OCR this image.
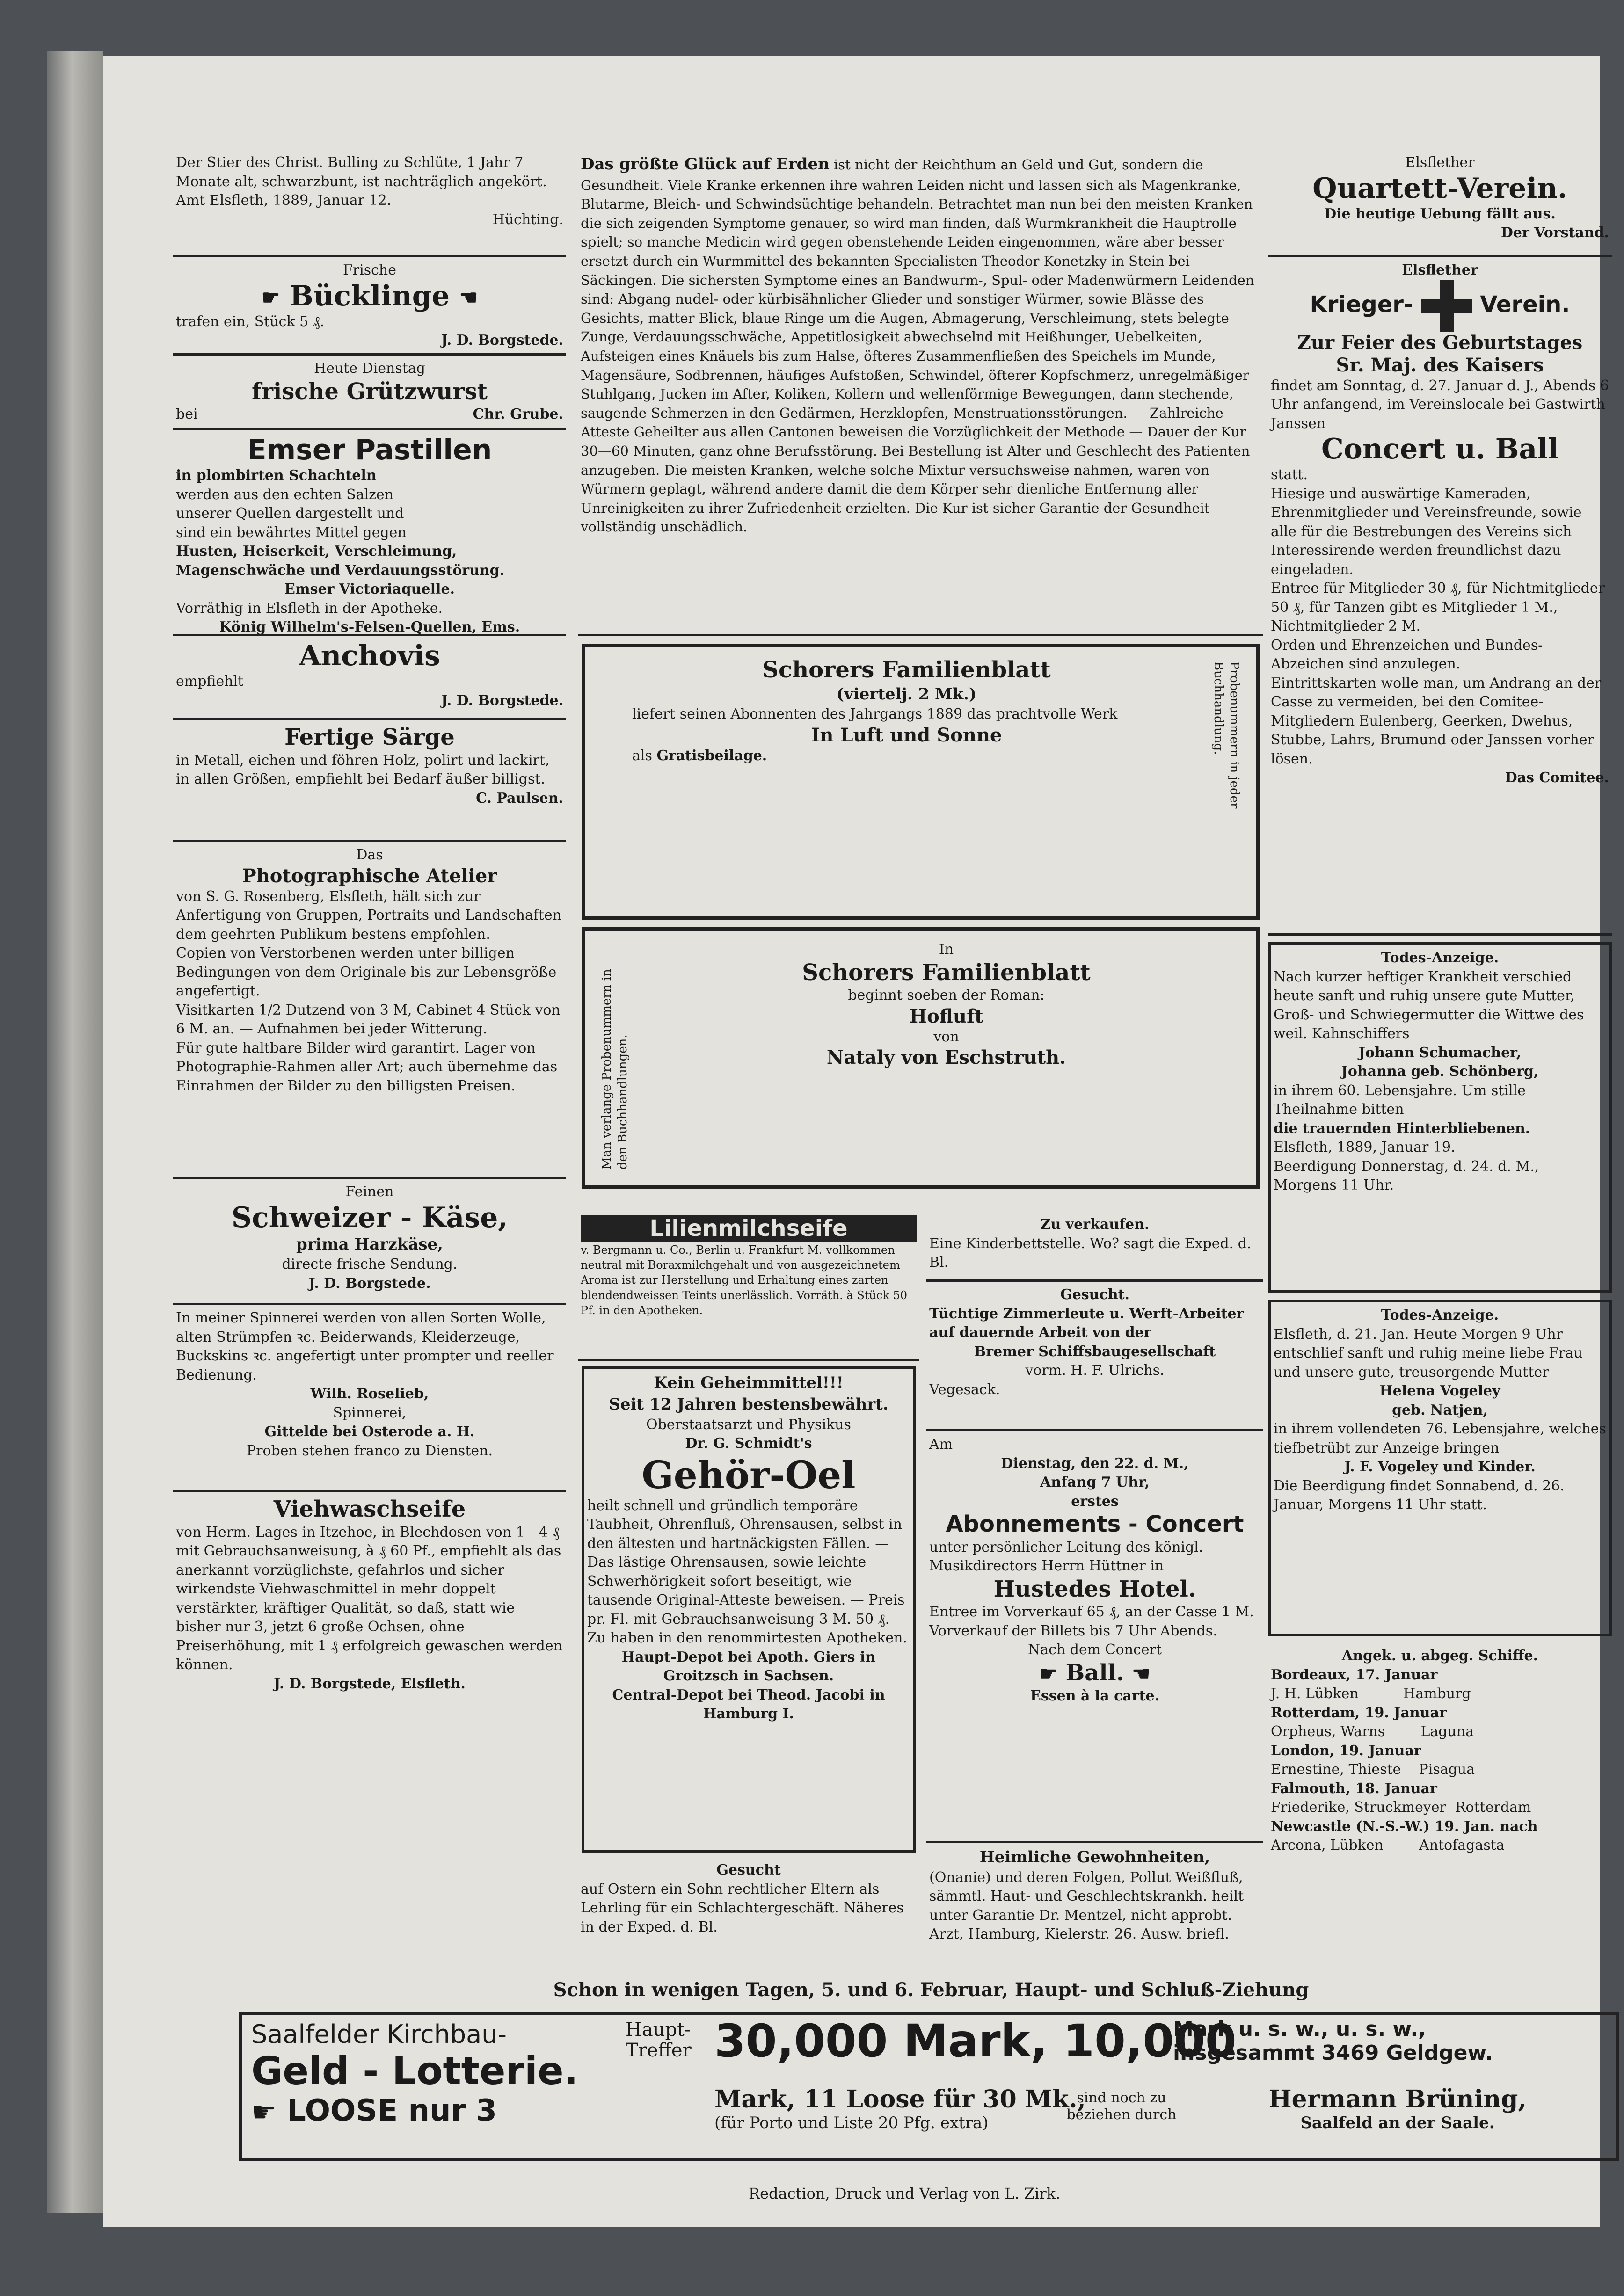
Der Stier des Christ. Bulling zu Schlüte, 1 Jahr 7 Monate alt, schwarzbunt, ist nachträglich angekört.

Amt Elsfleth, 1889, Januar 12.

Hüchting.

Frische

☛ Bücklinge ☚

trafen ein, Stück 5 ₰.

J. D. Borgstede.

Heute Dienstag

frische Grützwurst

bei	Chr. Grube.

Emser Pastillen

in plombirten Schachteln

werden aus den echten Salzen

unserer Quellen dargestellt und

sind ein bewährtes Mittel gegen

Husten, Heiserkeit, Verschleimung,

Magenschwäche und Verdauungsstörung.

Emser Victoriaquelle.

Vorräthig in Elsfleth in der Apotheke.

König Wilhelm's-Felsen-Quellen, Ems.

Anchovis

empfiehlt

J. D. Borgstede.

Fertige Särge

in Metall, eichen und föhren Holz, polirt und lackirt, in allen Größen, empfiehlt bei Bedarf äußer billigst.

C. Paulsen.

Das

Photographische Atelier

von S. G. Rosenberg, Elsfleth, hält sich zur Anfertigung von Gruppen, Portraits und Landschaften dem geehrten Publikum bestens empfohlen.

Copien von Verstorbenen werden unter billigen Bedingungen von dem Originale bis zur Lebensgröße angefertigt.

Visitkarten 1/2 Dutzend von 3 M, Cabinet 4 Stück von 6 M. an. — Aufnahmen bei jeder Witterung.

Für gute haltbare Bilder wird garantirt. Lager von Photographie-Rahmen aller Art; auch übernehme das Einrahmen der Bilder zu den billigsten Preisen.

Feinen

Schweizer - Käse,

prima Harzkäse,

directe frische Sendung.

J. D. Borgstede.

In meiner Spinnerei werden von allen Sorten Wolle, alten Strümpfen ꝛc. Beiderwands, Kleiderzeuge, Buckskins ꝛc. angefertigt unter prompter und reeller Bedienung.

Wilh. Roselieb,

Spinnerei,

Gittelde bei Osterode a. H.

Proben stehen franco zu Diensten.

Viehwaschseife

von Herm. Lages in Itzehoe, in Blechdosen von 1—4 ₰ mit Gebrauchsanweisung, à ₰ 60 Pf., empfiehlt als das anerkannt vorzüglichste, gefahrlos und sicher wirkendste Viehwaschmittel in mehr doppelt verstärkter, kräftiger Qualität, so daß, statt wie bisher nur 3, jetzt 6 große Ochsen, ohne Preiserhöhung, mit 1 ₰ erfolgreich gewaschen werden können.

J. D. Borgstede, Elsfleth.

Das größte Glück auf Erden ist nicht der Reichthum an Geld und Gut, sondern die Gesundheit. Viele Kranke erkennen ihre wahren Leiden nicht und lassen sich als Magenkranke, Blutarme, Bleich- und Schwindsüchtige behandeln. Betrachtet man nun bei den meisten Kranken die sich zeigenden Symptome genauer, so wird man finden, daß Wurmkrankheit die Hauptrolle spielt; so manche Medicin wird gegen obenstehende Leiden eingenommen, wäre aber besser ersetzt durch ein Wurmmittel des bekannten Specialisten Theodor Konetzky in Stein bei Säckingen. Die sichersten Symptome eines an Bandwurm-, Spul- oder Madenwürmern Leidenden sind: Abgang nudel- oder kürbisähnlicher Glieder und sonstiger Würmer, sowie Blässe des Gesichts, matter Blick, blaue Ringe um die Augen, Abmagerung, Verschleimung, stets belegte Zunge, Verdauungsschwäche, Appetitlosigkeit abwechselnd mit Heißhunger, Uebelkeiten, Aufsteigen eines Knäuels bis zum Halse, öfteres Zusammenfließen des Speichels im Munde, Magensäure, Sodbrennen, häufiges Aufstoßen, Schwindel, öfterer Kopfschmerz, unregelmäßiger Stuhlgang, Jucken im After, Koliken, Kollern und wellenförmige Bewegungen, dann stechende, saugende Schmerzen in den Gedärmen, Herzklopfen, Menstruationsstörungen. — Zahlreiche Atteste Geheilter aus allen Cantonen beweisen die Vorzüglichkeit der Methode — Dauer der Kur 30—60 Minuten, ganz ohne Berufsstörung. Bei Bestellung ist Alter und Geschlecht des Patienten anzugeben. Die meisten Kranken, welche solche Mixtur versuchsweise nahmen, waren von Würmern geplagt, während andere damit die dem Körper sehr dienliche Entfernung aller Unreinigkeiten zu ihrer Zufriedenheit erzielten. Die Kur ist sicher Garantie der Gesundheit vollständig unschädlich.

Schorers Familienblatt

(viertelj. 2 Mk.)

liefert seinen Abonnenten des Jahrgangs 1889 das prachtvolle Werk

In Luft und Sonne

als Gratisbeilage.	Probenummern in jeder Buchhandlung.

In

Schorers Familienblatt

beginnt soeben der Roman:

Hofluft

von

Nataly von Eschstruth.

Man verlange Probenummern in den Buchhandlungen.

Lilienmilchseife

v. Bergmann u. Co., Berlin u. Frankfurt M. vollkommen neutral mit Boraxmilchgehalt und von ausgezeichnetem Aroma ist zur Herstellung und Erhaltung eines zarten blendendweissen Teints unerlässlich. Vorräth. à Stück 50 Pf. in den Apotheken.

Kein Geheimmittel!!!

Seit 12 Jahren bestensbewährt.

Oberstaatsarzt und Physikus

Dr. G. Schmidt's

Gehör-Oel

heilt schnell und gründlich temporäre Taubheit, Ohrenfluß, Ohrensausen, selbst in den ältesten und hartnäckigsten Fällen. — Das lästige Ohrensausen, sowie leichte Schwerhörigkeit sofort beseitigt, wie tausende Original-Atteste beweisen. — Preis pr. Fl. mit Gebrauchsanweisung 3 M. 50 ₰. Zu haben in den renommirtesten Apotheken.

Haupt-Depot bei Apoth. Giers in Groitzsch in Sachsen.

Central-Depot bei Theod. Jacobi in Hamburg I.

Gesucht

auf Ostern ein Sohn rechtlicher Eltern als Lehrling für ein Schlachtergeschäft. Näheres in der Exped. d. Bl.

Zu verkaufen.

Eine Kinderbettstelle. Wo? sagt die Exped. d. Bl.

Gesucht.

Tüchtige Zimmerleute u. Werft-Arbeiter auf dauernde Arbeit von der

Bremer Schiffsbaugesellschaft

vorm. H. F. Ulrichs.

Vegesack.

Am

Dienstag, den 22. d. M.,

Anfang 7 Uhr,

erstes

Abonnements - Concert

unter persönlicher Leitung des königl. Musikdirectors Herrn Hüttner in

Hustedes Hotel.

Entree im Vorverkauf 65 ₰, an der Casse 1 M.

Vorverkauf der Billets bis 7 Uhr Abends.

Nach dem Concert

☛ Ball. ☚

Essen à la carte.

Heimliche Gewohnheiten,

(Onanie) und deren Folgen, Pollut Weißfluß, sämmtl. Haut- und Geschlechtskrankh. heilt unter Garantie Dr. Mentzel, nicht approbt. Arzt, Hamburg, Kielerstr. 26. Ausw. briefl.

Elsflether

Quartett-Verein.

Die heutige Uebung fällt aus.

Der Vorstand.

Elsflether

Krieger-	Verein.

Zur Feier des Geburtstages

Sr. Maj. des Kaisers

findet am Sonntag, d. 27. Januar d. J., Abends 6 Uhr anfangend, im Vereinslocale bei Gastwirth Janssen

Concert u. Ball

statt.

Hiesige und auswärtige Kameraden, Ehrenmitglieder und Vereinsfreunde, sowie alle für die Bestrebungen des Vereins sich Interessirende werden freundlichst dazu eingeladen.

Entree für Mitglieder 30 ₰, für Nichtmitglieder 50 ₰, für Tanzen gibt es Mitglieder 1 M., Nichtmitglieder 2 M.

Orden und Ehrenzeichen und Bundes-Abzeichen sind anzulegen.

Eintrittskarten wolle man, um Andrang an der Casse zu vermeiden, bei den Comitee-Mitgliedern Eulenberg, Geerken, Dwehus, Stubbe, Lahrs, Brumund oder Janssen vorher lösen.

Das Comitee.

Todes-Anzeige.

Nach kurzer heftiger Krankheit verschied heute sanft und ruhig unsere gute Mutter, Groß- und Schwiegermutter die Wittwe des weil. Kahnschiffers

Johann Schumacher,

Johanna geb. Schönberg,

in ihrem 60. Lebensjahre. Um stille Theilnahme bitten

die trauernden Hinterbliebenen.

Elsfleth, 1889, Januar 19.

Beerdigung Donnerstag, d. 24. d. M., Morgens 11 Uhr.

Todes-Anzeige.

Elsfleth, d. 21. Jan. Heute Morgen 9 Uhr entschlief sanft und ruhig meine liebe Frau und unsere gute, treusorgende Mutter

Helena Vogeley

geb. Natjen,

in ihrem vollendeten 76. Lebensjahre, welches tiefbetrübt zur Anzeige bringen

J. F. Vogeley und Kinder.

Die Beerdigung findet Sonnabend, d. 26. Januar, Morgens 11 Uhr statt.

Angek. u. abgeg. Schiffe.

Bordeaux, 17. Januar

J. H. Lübken          Hamburg

Rotterdam, 19. Januar

Orpheus, Warns        Laguna

London, 19. Januar

Ernestine, Thieste    Pisagua

Falmouth, 18. Januar

Friederike, Struckmeyer  Rotterdam

Newcastle (N.-S.-W.) 19. Jan. nach

Arcona, Lübken        Antofagasta

Schon in wenigen Tagen, 5. und 6. Februar, Haupt- und Schluß-Ziehung

Saalfelder Kirchbau-

Geld - Lotterie.

☛ LOOSE nur 3

Haupt-

Treffer 30,000 Mark, 10,000

Mark u. s. w., u. s. w.,

insgesammt 3469 Geldgew.

Mark, 11 Loose für 30 Mk.,

(für Porto und Liste 20 Pfg. extra)

sind noch zu beziehen durch

Hermann Brüning,

Saalfeld an der Saale.

Redaction, Druck und Verlag von L. Zirk.
